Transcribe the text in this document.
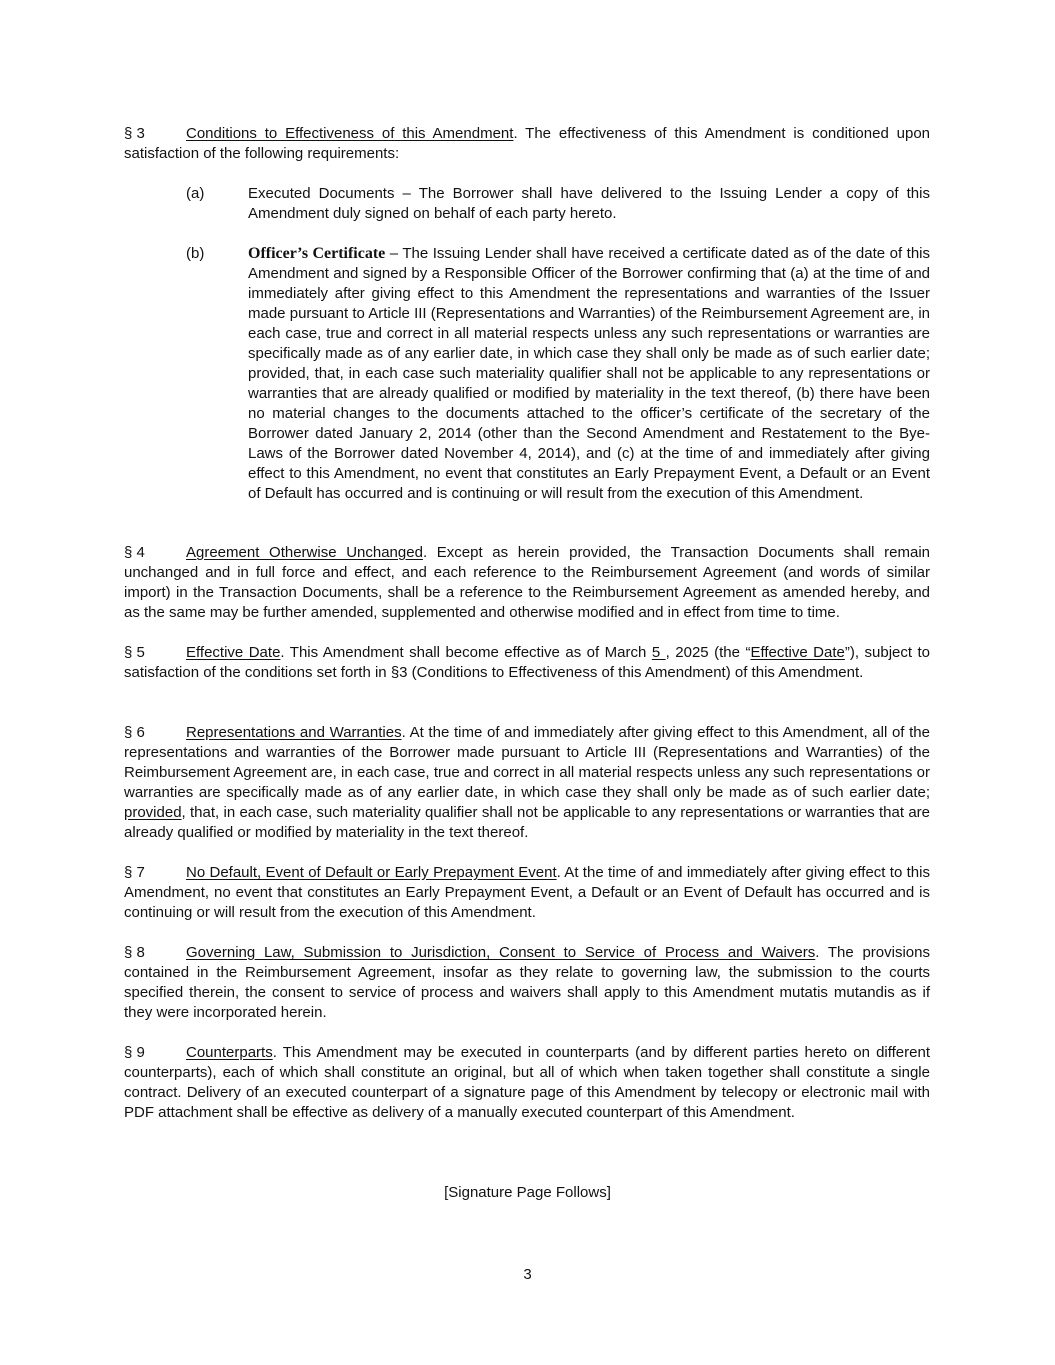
§ 3	Conditions to Effectiveness of this Amendment. The effectiveness of this Amendment is conditioned upon satisfaction of the following requirements:
(a)	Executed Documents – The Borrower shall have delivered to the Issuing Lender a copy of this Amendment duly signed on behalf of each party hereto.
(b)	Officer’s Certificate – The Issuing Lender shall have received a certificate dated as of the date of this Amendment and signed by a Responsible Officer of the Borrower confirming that (a) at the time of and immediately after giving effect to this Amendment the representations and warranties of the Issuer made pursuant to Article III (Representations and Warranties) of the Reimbursement Agreement are, in each case, true and correct in all material respects unless any such representations or warranties are specifically made as of any earlier date, in which case they shall only be made as of such earlier date; provided, that, in each case such materiality qualifier shall not be applicable to any representations or warranties that are already qualified or modified by materiality in the text thereof, (b) there have been no material changes to the documents attached to the officer’s certificate of the secretary of the Borrower dated January 2, 2014 (other than the Second Amendment and Restatement to the Bye-Laws of the Borrower dated November 4, 2014), and (c) at the time of and immediately after giving effect to this Amendment, no event that constitutes an Early Prepayment Event, a Default or an Event of Default has occurred and is continuing or will result from the execution of this Amendment.
§ 4	Agreement Otherwise Unchanged. Except as herein provided, the Transaction Documents shall remain unchanged and in full force and effect, and each reference to the Reimbursement Agreement (and words of similar import) in the Transaction Documents, shall be a reference to the Reimbursement Agreement as amended hereby, and as the same may be further amended, supplemented and otherwise modified and in effect from time to time.
§ 5	Effective Date. This Amendment shall become effective as of March 5 , 2025 (the “Effective Date”), subject to satisfaction of the conditions set forth in §3 (Conditions to Effectiveness of this Amendment) of this Amendment.
§ 6	Representations and Warranties. At the time of and immediately after giving effect to this Amendment, all of the representations and warranties of the Borrower made pursuant to Article III (Representations and Warranties) of the Reimbursement Agreement are, in each case, true and correct in all material respects unless any such representations or warranties are specifically made as of any earlier date, in which case they shall only be made as of such earlier date; provided, that, in each case, such materiality qualifier shall not be applicable to any representations or warranties that are already qualified or modified by materiality in the text thereof.
§ 7	No Default, Event of Default or Early Prepayment Event. At the time of and immediately after giving effect to this Amendment, no event that constitutes an Early Prepayment Event, a Default or an Event of Default has occurred and is continuing or will result from the execution of this Amendment.
§ 8	Governing Law, Submission to Jurisdiction, Consent to Service of Process and Waivers. The provisions contained in the Reimbursement Agreement, insofar as they relate to governing law, the submission to the courts specified therein, the consent to service of process and waivers shall apply to this Amendment mutatis mutandis as if they were incorporated herein.
§ 9	Counterparts. This Amendment may be executed in counterparts (and by different parties hereto on different counterparts), each of which shall constitute an original, but all of which when taken together shall constitute a single contract. Delivery of an executed counterpart of a signature page of this Amendment by telecopy or electronic mail with PDF attachment shall be effective as delivery of a manually executed counterpart of this Amendment.
[Signature Page Follows]
3
